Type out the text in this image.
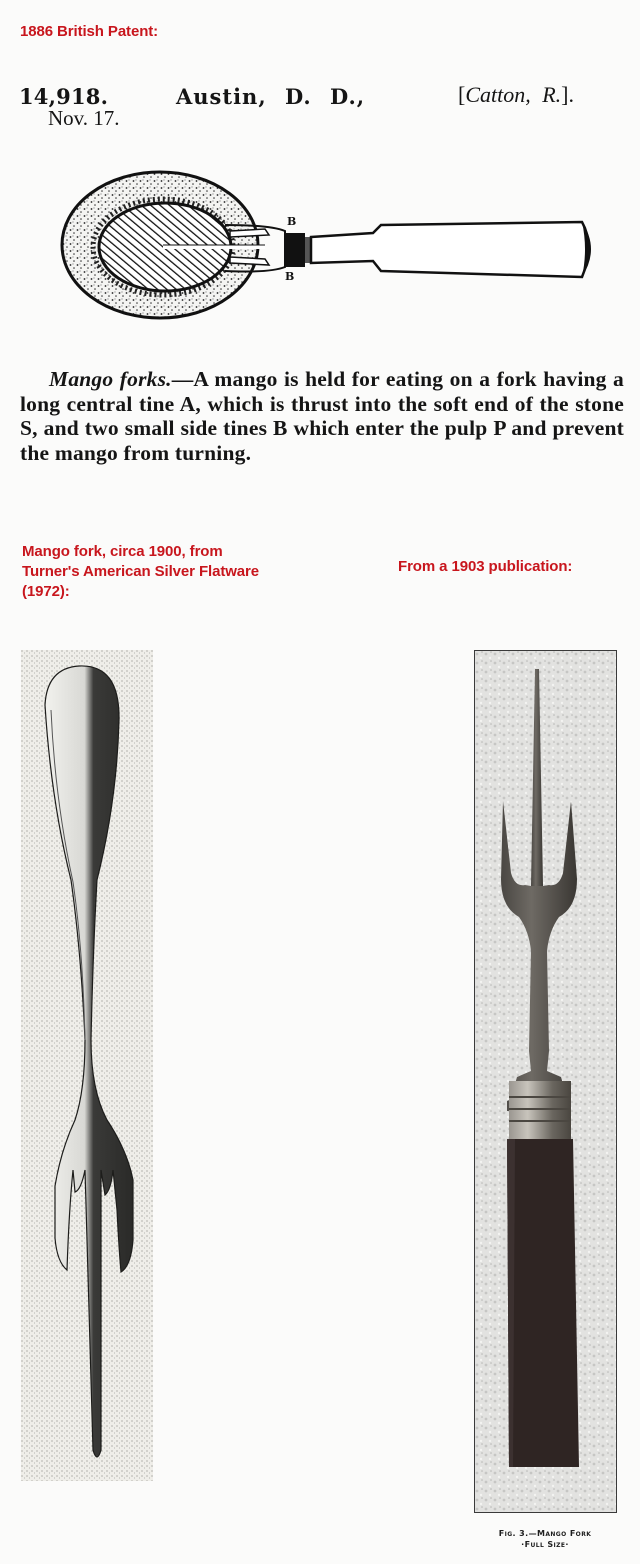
1886 British Patent:
14,918.	Austin, D. D.,	[Catton, R.].
Nov. 17.
B
B
Mango forks.—A mango is held for eating on a fork having a long central tine A, which is thrust into the soft end of the stone S, and two small side tines B which enter the pulp P and prevent the mango from turning.
Mango fork, circa 1900, from Turner's American Silver Flatware (1972):
From a 1903 publication:
Fig. 3.—Mango Fork
·Full Size·
